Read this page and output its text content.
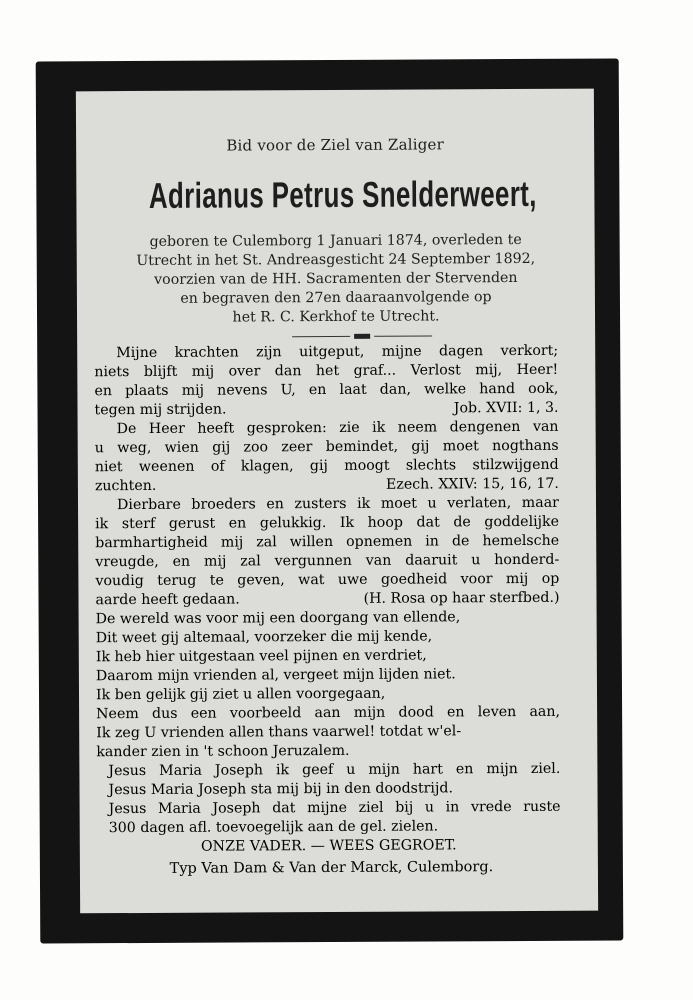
Bid voor de Ziel van Zaliger
Adrianus Petrus Snelderweert,
geboren te Culemborg 1 Januari 1874, overleden te
Utrecht in het St. Andreasgesticht 24 September 1892,
voorzien van de HH. Sacramenten der Stervenden
en begraven den 27en daaraanvolgende op
het R. C. Kerkhof te Utrecht.
Mijne krachten zijn uitgeput, mijne dagen verkort;
niets blijft mij over dan het graf... Verlost mij, Heer!
en plaats mij nevens U, en laat dan, welke hand ook,
tegen mij strijden.	Job. XVII: 1, 3.
De Heer heeft gesproken: zie ik neem dengenen van
u weg, wien gij zoo zeer bemindet, gij moet nogthans
niet weenen of klagen, gij moogt slechts stilzwijgend
zuchten.	Ezech. XXIV: 15, 16, 17.
Dierbare broeders en zusters ik moet u verlaten, maar
ik sterf gerust en gelukkig. Ik hoop dat de goddelijke
barmhartigheid mij zal willen opnemen in de hemelsche
vreugde, en mij zal vergunnen van daaruit u honderd-
voudig terug te geven, wat uwe goedheid voor mij op
aarde heeft gedaan.	(H. Rosa op haar sterfbed.)
De wereld was voor mij een doorgang van ellende,
Dit weet gij altemaal, voorzeker die mij kende,
Ik heb hier uitgestaan veel pijnen en verdriet,
Daarom mijn vrienden al, vergeet mijn lijden niet.
Ik ben gelijk gij ziet u allen voorgegaan,
Neem dus een voorbeeld aan mijn dood en leven aan,
Ik zeg U vrienden allen thans vaarwel! totdat w'el-
kander zien in 't schoon Jeruzalem.
Jesus Maria Joseph ik geef u mijn hart en mijn ziel.
Jesus Maria Joseph sta mij bij in den doodstrijd.
Jesus Maria Joseph dat mijne ziel bij u in vrede ruste
300 dagen afl. toevoegelijk aan de gel. zielen.
ONZE VADER. — WEES GEGROET.
Typ Van Dam & Van der Marck, Culemborg.
